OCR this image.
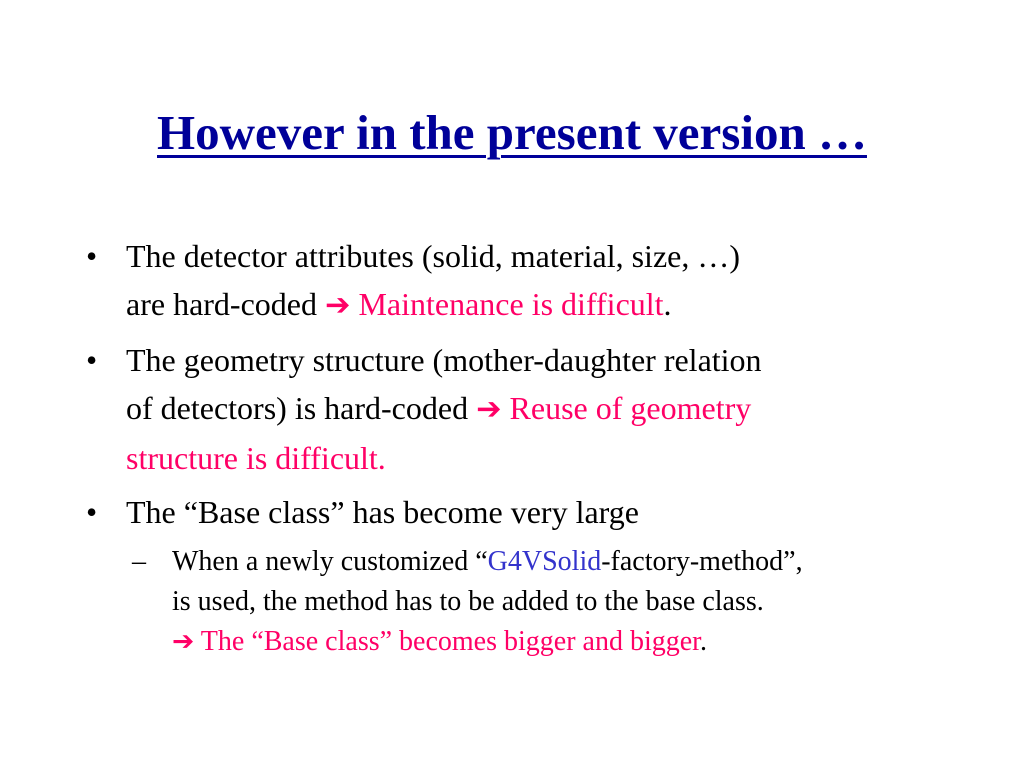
However in the present version …
• The detector attributes (solid, material, size, …)
are hard-coded ➔ Maintenance is difficult.
• The geometry structure (mother-daughter relation
of detectors) is hard-coded ➔ Reuse of geometry
structure is difficult.
• The “Base class” has become very large
– When a newly customized “G4VSolid-factory-method”,
is used, the method has to be added to the base class.
➔ The “Base class” becomes bigger and bigger.
